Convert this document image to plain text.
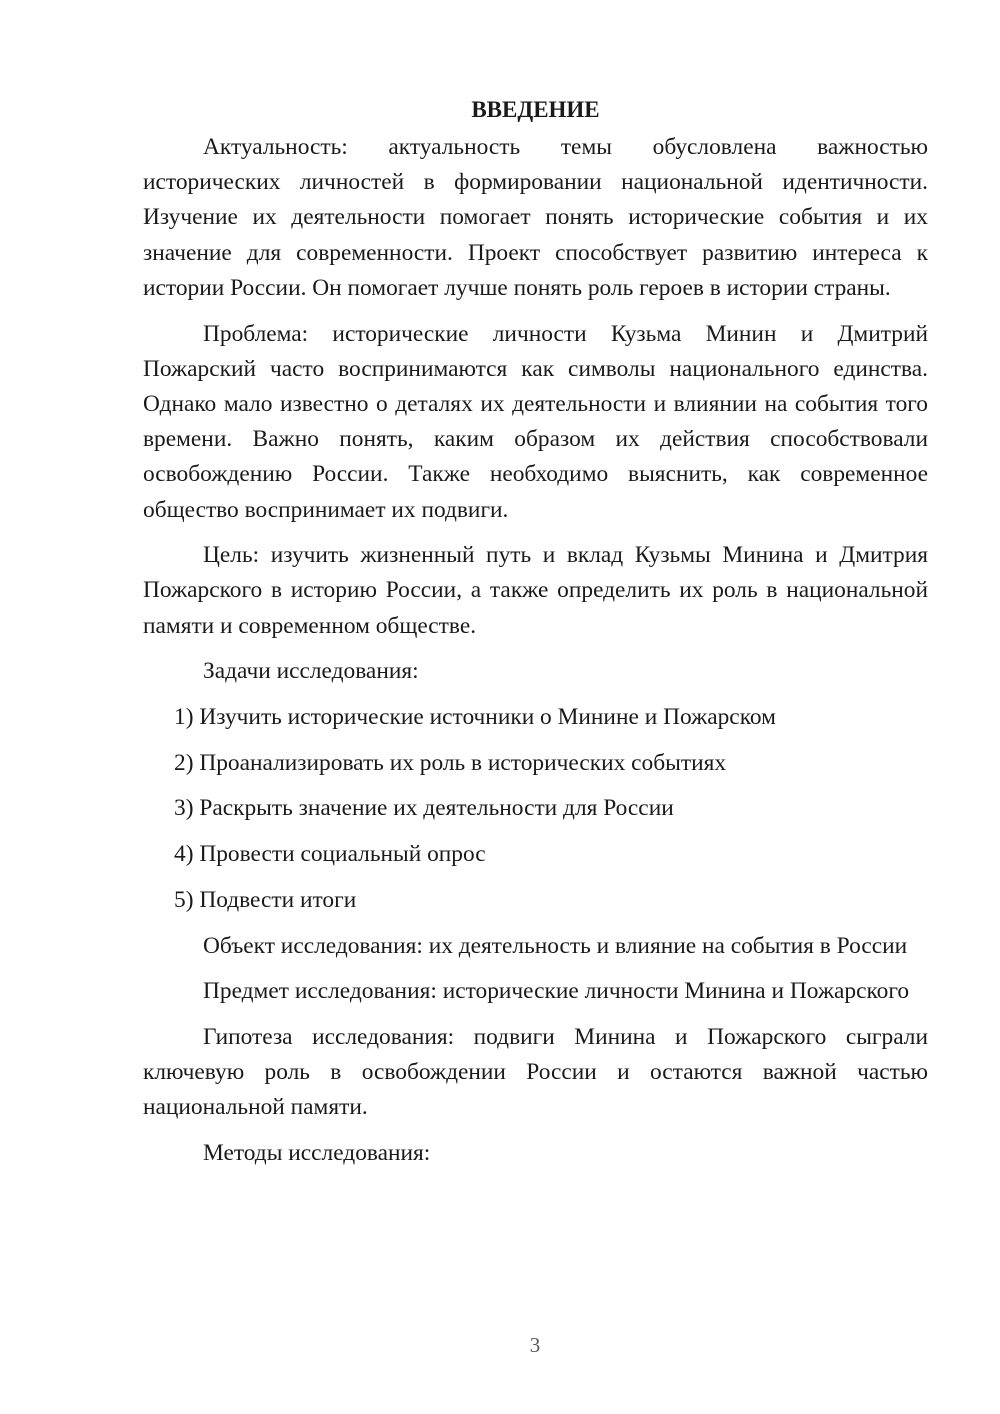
ВВЕДЕНИЕ

Актуальность: актуальность темы обусловлена важностью исторических личностей в формировании национальной идентичности. Изучение их деятельности помогает понять исторические события и их значение для современности. Проект способствует развитию интереса к истории России. Он помогает лучше понять роль героев в истории страны.

Проблема: исторические личности Кузьма Минин и Дмитрий Пожарский часто воспринимаются как символы национального единства. Однако мало известно о деталях их деятельности и влиянии на события того времени. Важно понять, каким образом их действия способствовали освобождению России. Также необходимо выяснить, как современное общество воспринимает их подвиги.

Цель: изучить жизненный путь и вклад Кузьмы Минина и Дмитрия Пожарского в историю России, а также определить их роль в национальной памяти и современном обществе.

Задачи исследования:

1) Изучить исторические источники о Минине и Пожарском
2) Проанализировать их роль в исторических событиях
3) Раскрыть значение их деятельности для России
4) Провести социальный опрос
5) Подвести итоги

Объект исследования: их деятельность и влияние на события в России

Предмет исследования: исторические личности Минина и Пожарского

Гипотеза исследования: подвиги Минина и Пожарского сыграли ключевую роль в освобождении России и остаются важной частью национальной памяти.

Методы исследования:

3
